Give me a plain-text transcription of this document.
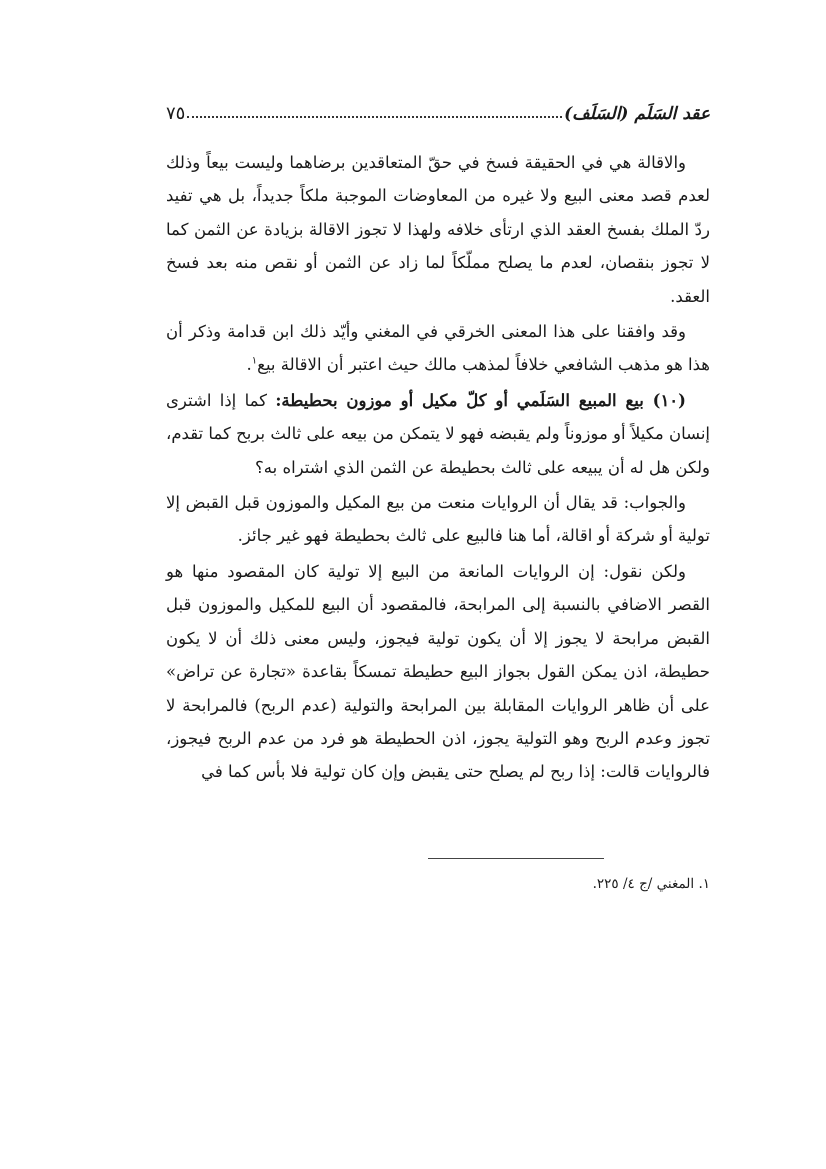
عقد السَلَم (السَلَف)
٧٥

والاقالة هي في الحقيقة فسخ في حقّ المتعاقدين برضاهما وليست بيعاً وذلك لعدم قصد معنى البيع ولا غيره من المعاوضات الموجبة ملكاً جديداً، بل هي تفيد ردّ الملك بفسخ العقد الذي ارتأى خلافه ولهذا لا تجوز الاقالة بزيادة عن الثمن كما لا تجوز بنقصان، لعدم ما يصلح مملّكاً لما زاد عن الثمن أو نقص منه بعد فسخ العقد.

وقد وافقنا على هذا المعنى الخرقي في المغني وأيّد ذلك ابن قدامة وذكر أن هذا هو مذهب الشافعي خلافاً لمذهب مالك حيث اعتبر أن الاقالة بيع$^١$.

(١٠) بيع المبيع السَلَمي أو كلّ مكيل أو موزون بحطيطة: كما إذا اشترى إنسان مكيلاً أو موزوناً ولم يقبضه فهو لا يتمكن من بيعه على ثالث بربح كما تقدم، ولكن هل له أن يبيعه على ثالث بحطيطة عن الثمن الذي اشتراه به؟

والجواب: قد يقال أن الروايات منعت من بيع المكيل والموزون قبل القبض إلا تولية أو شركة أو اقالة، أما هنا فالبيع على ثالث بحطيطة فهو غير جائز.

ولكن نقول: إن الروايات المانعة من البيع إلا تولية كان المقصود منها هو القصر الاضافي بالنسبة إلى المرابحة، فالمقصود أن البيع للمكيل والموزون قبل القبض مرابحة لا يجوز إلا أن يكون تولية فيجوز، وليس معنى ذلك أن لا يكون حطيطة، اذن يمكن القول بجواز البيع حطيطة تمسكاً بقاعدة «تجارة عن تراض» على أن ظاهر الروايات المقابلة بين المرابحة والتولية (عدم الربح) فالمرابحة لا تجوز وعدم الربح وهو التولية يجوز، اذن الحطيطة هو فرد من عدم الربح فيجوز، فالروايات قالت: إذا ربح لم يصلح حتى يقبض وإن كان تولية فلا بأس كما في

١. المغني /ج ٤/ ٢٢٥.
